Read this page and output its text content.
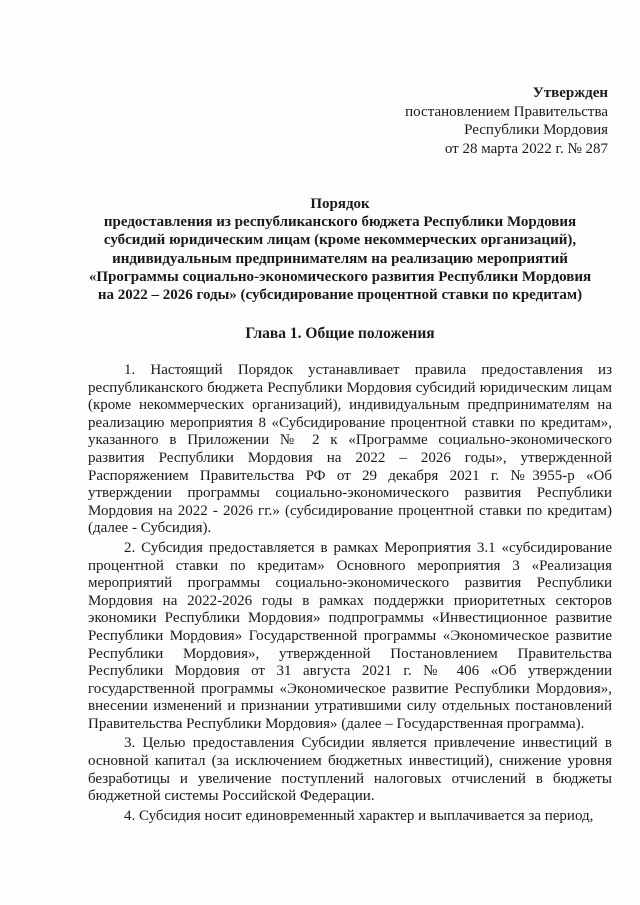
Утвержден
постановлением Правительства
Республики Мордовия
от 28 марта 2022 г. № 287

Порядок

предоставления из республиканского бюджета Республики Мордовия

субсидий юридическим лицам (кроме некоммерческих организаций),

индивидуальным предпринимателям на реализацию мероприятий

«Программы социально-экономического развития Республики Мордовия

на 2022 – 2026 годы» (субсидирование процентной ставки по кредитам)

Глава 1. Общие положения

1. Настоящий Порядок устанавливает правила предоставления из республиканского бюджета Республики Мордовия субсидий юридическим лицам (кроме некоммерческих организаций), индивидуальным предпринимателям на реализацию мероприятия 8 «Субсидирование процентной ставки по кредитам», указанного в Приложении № 2 к «Программе социально-экономического развития Республики Мордовия на 2022 – 2026 годы», утвержденной Распоряжением Правительства РФ от 29 декабря 2021 г. №3955-р «Об утверждении программы социально-экономического развития Республики Мордовия на 2022 - 2026 гг.» (субсидирование процентной ставки по кредитам) (далее - Субсидия).

2. Субсидия предоставляется в рамках Мероприятия 3.1 «субсидирование процентной ставки по кредитам» Основного мероприятия 3 «Реализация мероприятий программы социально-экономического развития Республики Мордовия на 2022-2026 годы в рамках поддержки приоритетных секторов экономики Республики Мордовия» подпрограммы «Инвестиционное развитие Республики Мордовия» Государственной программы «Экономическое развитие Республики Мордовия», утвержденной Постановлением Правительства Республики Мордовия от 31 августа 2021 г. № 406 «Об утверждении государственной программы «Экономическое развитие Республики Мордовия», внесении изменений и признании утратившими силу отдельных постановлений Правительства Республики Мордовия» (далее – Государственная программа).

3. Целью предоставления Субсидии является привлечение инвестиций в основной капитал (за исключением бюджетных инвестиций), снижение уровня безработицы и увеличение поступлений налоговых отчислений в бюджеты бюджетной системы Российской Федерации.

4. Субсидия носит единовременный характер и выплачивается за период,
